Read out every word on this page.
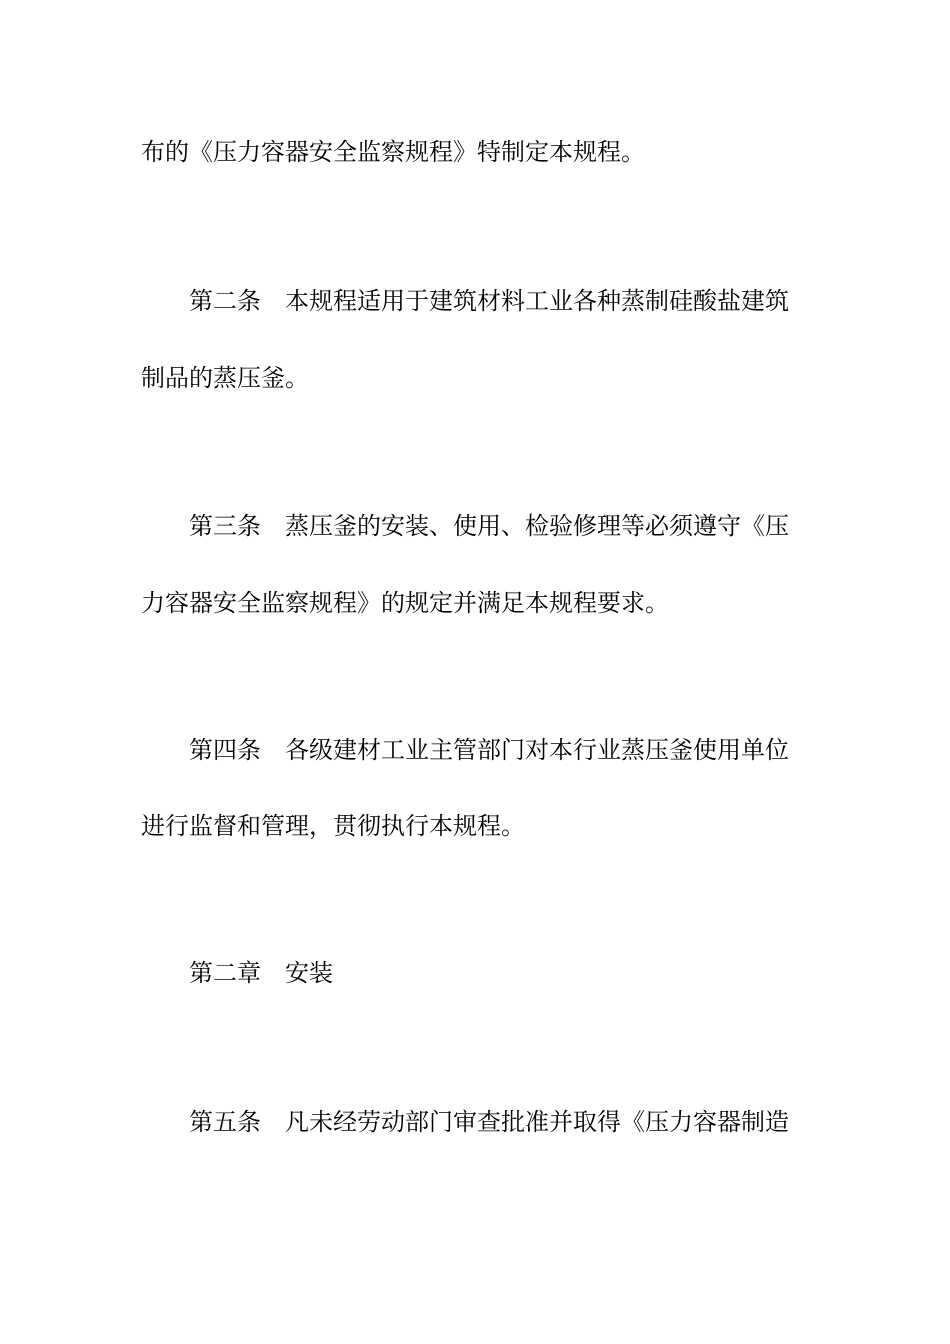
布的《压力容器安全监察规程》特制定本规程。
第二条 本规程适用于建筑材料工业各种蒸制硅酸盐建筑
制品的蒸压釜。
第三条 蒸压釜的安装、使用、检验修理等必须遵守《压
力容器安全监察规程》的规定并满足本规程要求。
第四条 各级建材工业主管部门对本行业蒸压釜使用单位
进行监督和管理，贯彻执行本规程。
第二章 安装
第五条 凡未经劳动部门审查批准并取得《压力容器制造
